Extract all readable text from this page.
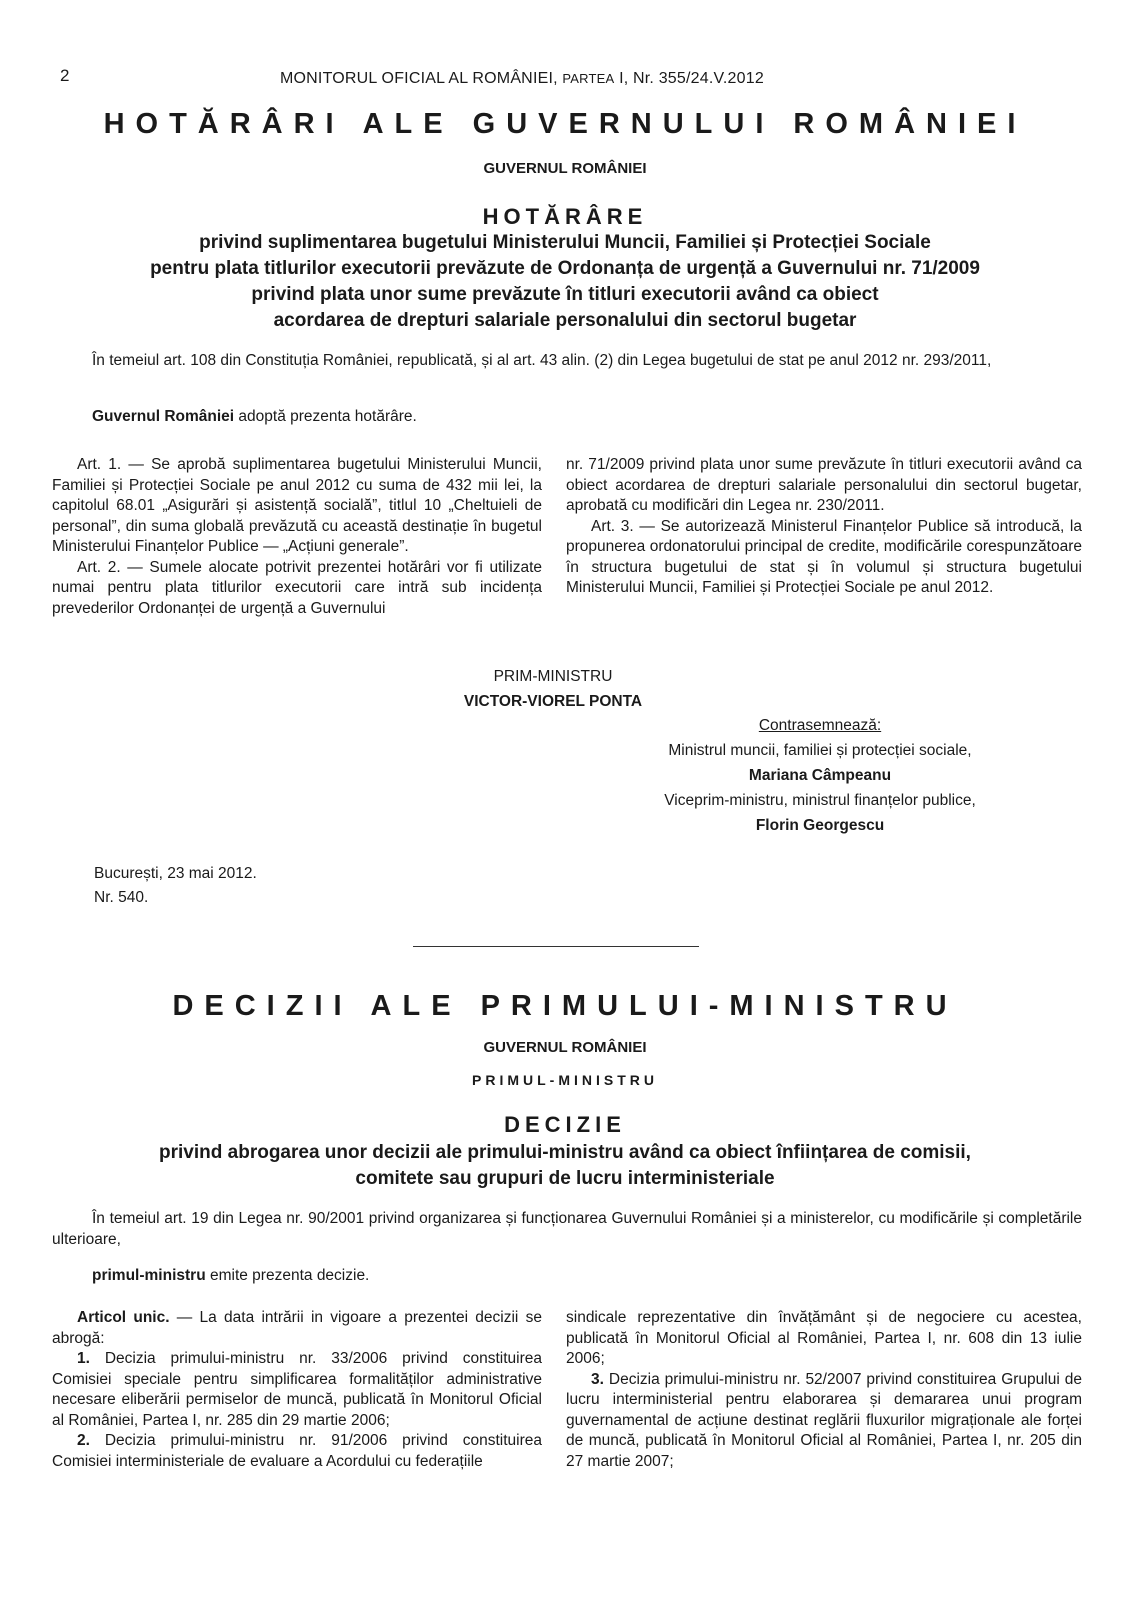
2	MONITORUL OFICIAL AL ROMÂNIEI, PARTEA I, Nr. 355/24.V.2012
HOTĂRÂRI ALE GUVERNULUI ROMÂNIEI
GUVERNUL ROMÂNIEI
HOTĂRÂRE
privind suplimentarea bugetului Ministerului Muncii, Familiei și Protecției Sociale
pentru plata titlurilor executorii prevăzute de Ordonanța de urgență a Guvernului nr. 71/2009
privind plata unor sume prevăzute în titluri executorii având ca obiect
acordarea de drepturi salariale personalului din sectorul bugetar
În temeiul art. 108 din Constituția României, republicată, și al art. 43 alin. (2) din Legea bugetului de stat pe anul 2012 nr. 293/2011,
Guvernul României adoptă prezenta hotărâre.

Art. 1. — Se aprobă suplimentarea bugetului Ministerului Muncii, Familiei și Protecției Sociale pe anul 2012 cu suma de 432 mii lei, la capitolul 68.01 „Asigurări și asistență socială”, titlul 10 „Cheltuieli de personal”, din suma globală prevăzută cu această destinație în bugetul Ministerului Finanțelor Publice — „Acțiuni generale”.

Art. 2. — Sumele alocate potrivit prezentei hotărâri vor fi utilizate numai pentru plata titlurilor executorii care intră sub incidența prevederilor Ordonanței de urgență a Guvernului

nr. 71/2009 privind plata unor sume prevăzute în titluri executorii având ca obiect acordarea de drepturi salariale personalului din sectorul bugetar, aprobată cu modificări din Legea nr. 230/2011.

Art. 3. — Se autorizează Ministerul Finanțelor Publice să introducă, la propunerea ordonatorului principal de credite, modificările corespunzătoare în structura bugetului de stat și în volumul și structura bugetului Ministerului Muncii, Familiei și Protecției Sociale pe anul 2012.

PRIM-MINISTRU
VICTOR-VIOREL PONTA
Contrasemnează:
Ministrul muncii, familiei și protecției sociale,
Mariana Câmpeanu
Viceprim-ministru, ministrul finanțelor publice,
Florin Georgescu
București, 23 mai 2012.
Nr. 540.
DECIZII ALE PRIMULUI-MINISTRU
GUVERNUL ROMÂNIEI
PRIMUL-MINISTRU
DECIZIE
privind abrogarea unor decizii ale primului-ministru având ca obiect înființarea de comisii,
comitete sau grupuri de lucru interministeriale
În temeiul art. 19 din Legea nr. 90/2001 privind organizarea și funcționarea Guvernului României și a ministerelor, cu modificările și completările ulterioare,
primul-ministru emite prezenta decizie.

Articol unic. — La data intrării in vigoare a prezentei decizii se abrogă:

1. Decizia primului-ministru nr. 33/2006 privind constituirea Comisiei speciale pentru simplificarea formalităților administrative necesare eliberării permiselor de muncă, publicată în Monitorul Oficial al României, Partea I, nr. 285 din 29 martie 2006;

2. Decizia primului-ministru nr. 91/2006 privind constituirea Comisiei interministeriale de evaluare a Acordului cu federațiile

sindicale reprezentative din învățământ și de negociere cu acestea, publicată în Monitorul Oficial al României, Partea I, nr. 608 din 13 iulie 2006;

3. Decizia primului-ministru nr. 52/2007 privind constituirea Grupului de lucru interministerial pentru elaborarea și demararea unui program guvernamental de acțiune destinat reglării fluxurilor migraționale ale forței de muncă, publicată în Monitorul Oficial al României, Partea I, nr. 205 din 27 martie 2007;
